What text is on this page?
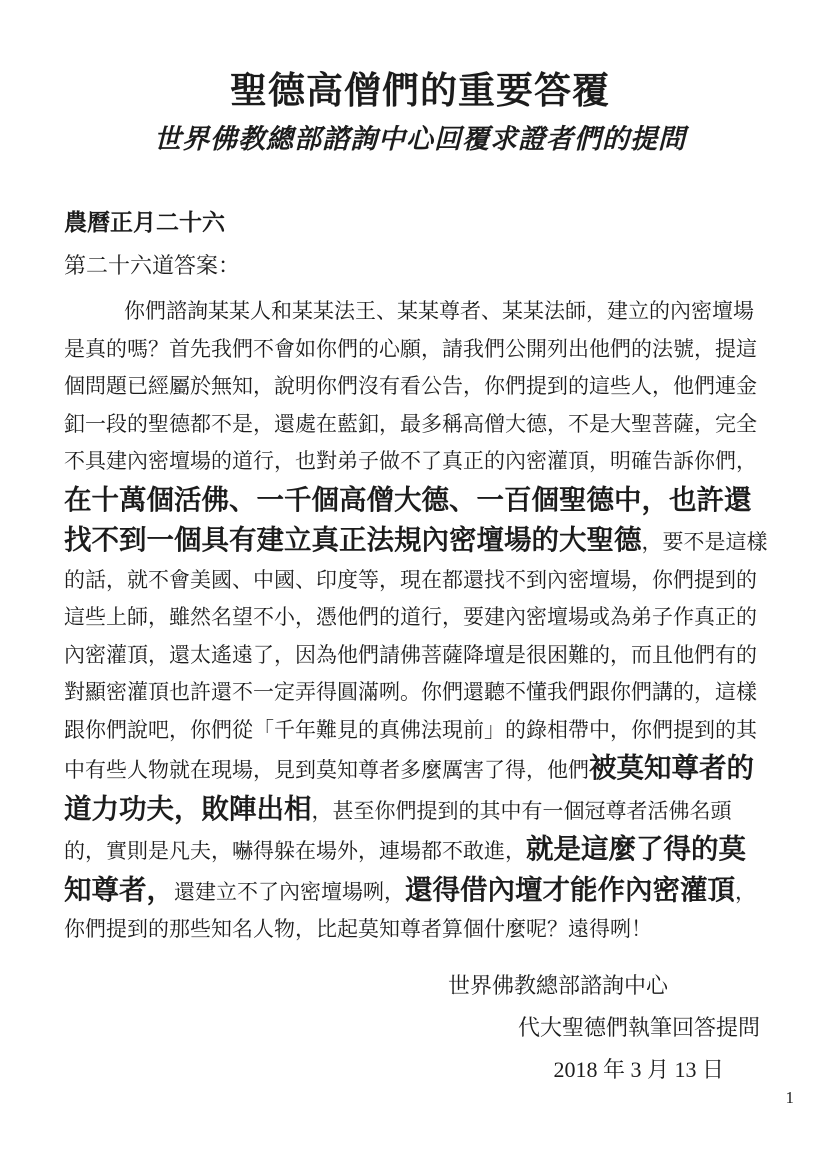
聖德高僧們的重要答覆
世界佛教總部諮詢中心回覆求證者們的提問
農曆正月二十六
第二十六道答案：
你們諮詢某某人和某某法王、某某尊者、某某法師，建立的內密壇場
是真的嗎？首先我們不會如你們的心願，請我們公開列出他們的法號，提這
個問題已經屬於無知，說明你們沒有看公告，你們提到的這些人，他們連金
釦一段的聖德都不是，還處在藍釦，最多稱高僧大德，不是大聖菩薩，完全
不具建內密壇場的道行，也對弟子做不了真正的內密灌頂，明確告訴你們，
在十萬個活佛、一千個高僧大德、一百個聖德中，也許還
找不到一個具有建立真正法規內密壇場的大聖德，要不是這樣
的話，就不會美國、中國、印度等，現在都還找不到內密壇場，你們提到的
這些上師，雖然名望不小，憑他們的道行，要建內密壇場或為弟子作真正的
內密灌頂，還太遙遠了，因為他們請佛菩薩降壇是很困難的，而且他們有的
對顯密灌頂也許還不一定弄得圓滿咧。你們還聽不懂我們跟你們講的，這樣
跟你們說吧，你們從「千年難見的真佛法現前」的錄相帶中，你們提到的其
中有些人物就在現場，見到莫知尊者多麼厲害了得，他們被莫知尊者的
道力功夫，敗陣出相，甚至你們提到的其中有一個冠尊者活佛名頭
的，實則是凡夫，嚇得躲在場外，連場都不敢進，就是這麼了得的莫
知尊者，還建立不了內密壇場咧，還得借內壇才能作內密灌頂，
你們提到的那些知名人物，比起莫知尊者算個什麼呢？遠得咧！
世界佛教總部諮詢中心
代大聖德們執筆回答提問
2018 年 3 月 13 日
1
